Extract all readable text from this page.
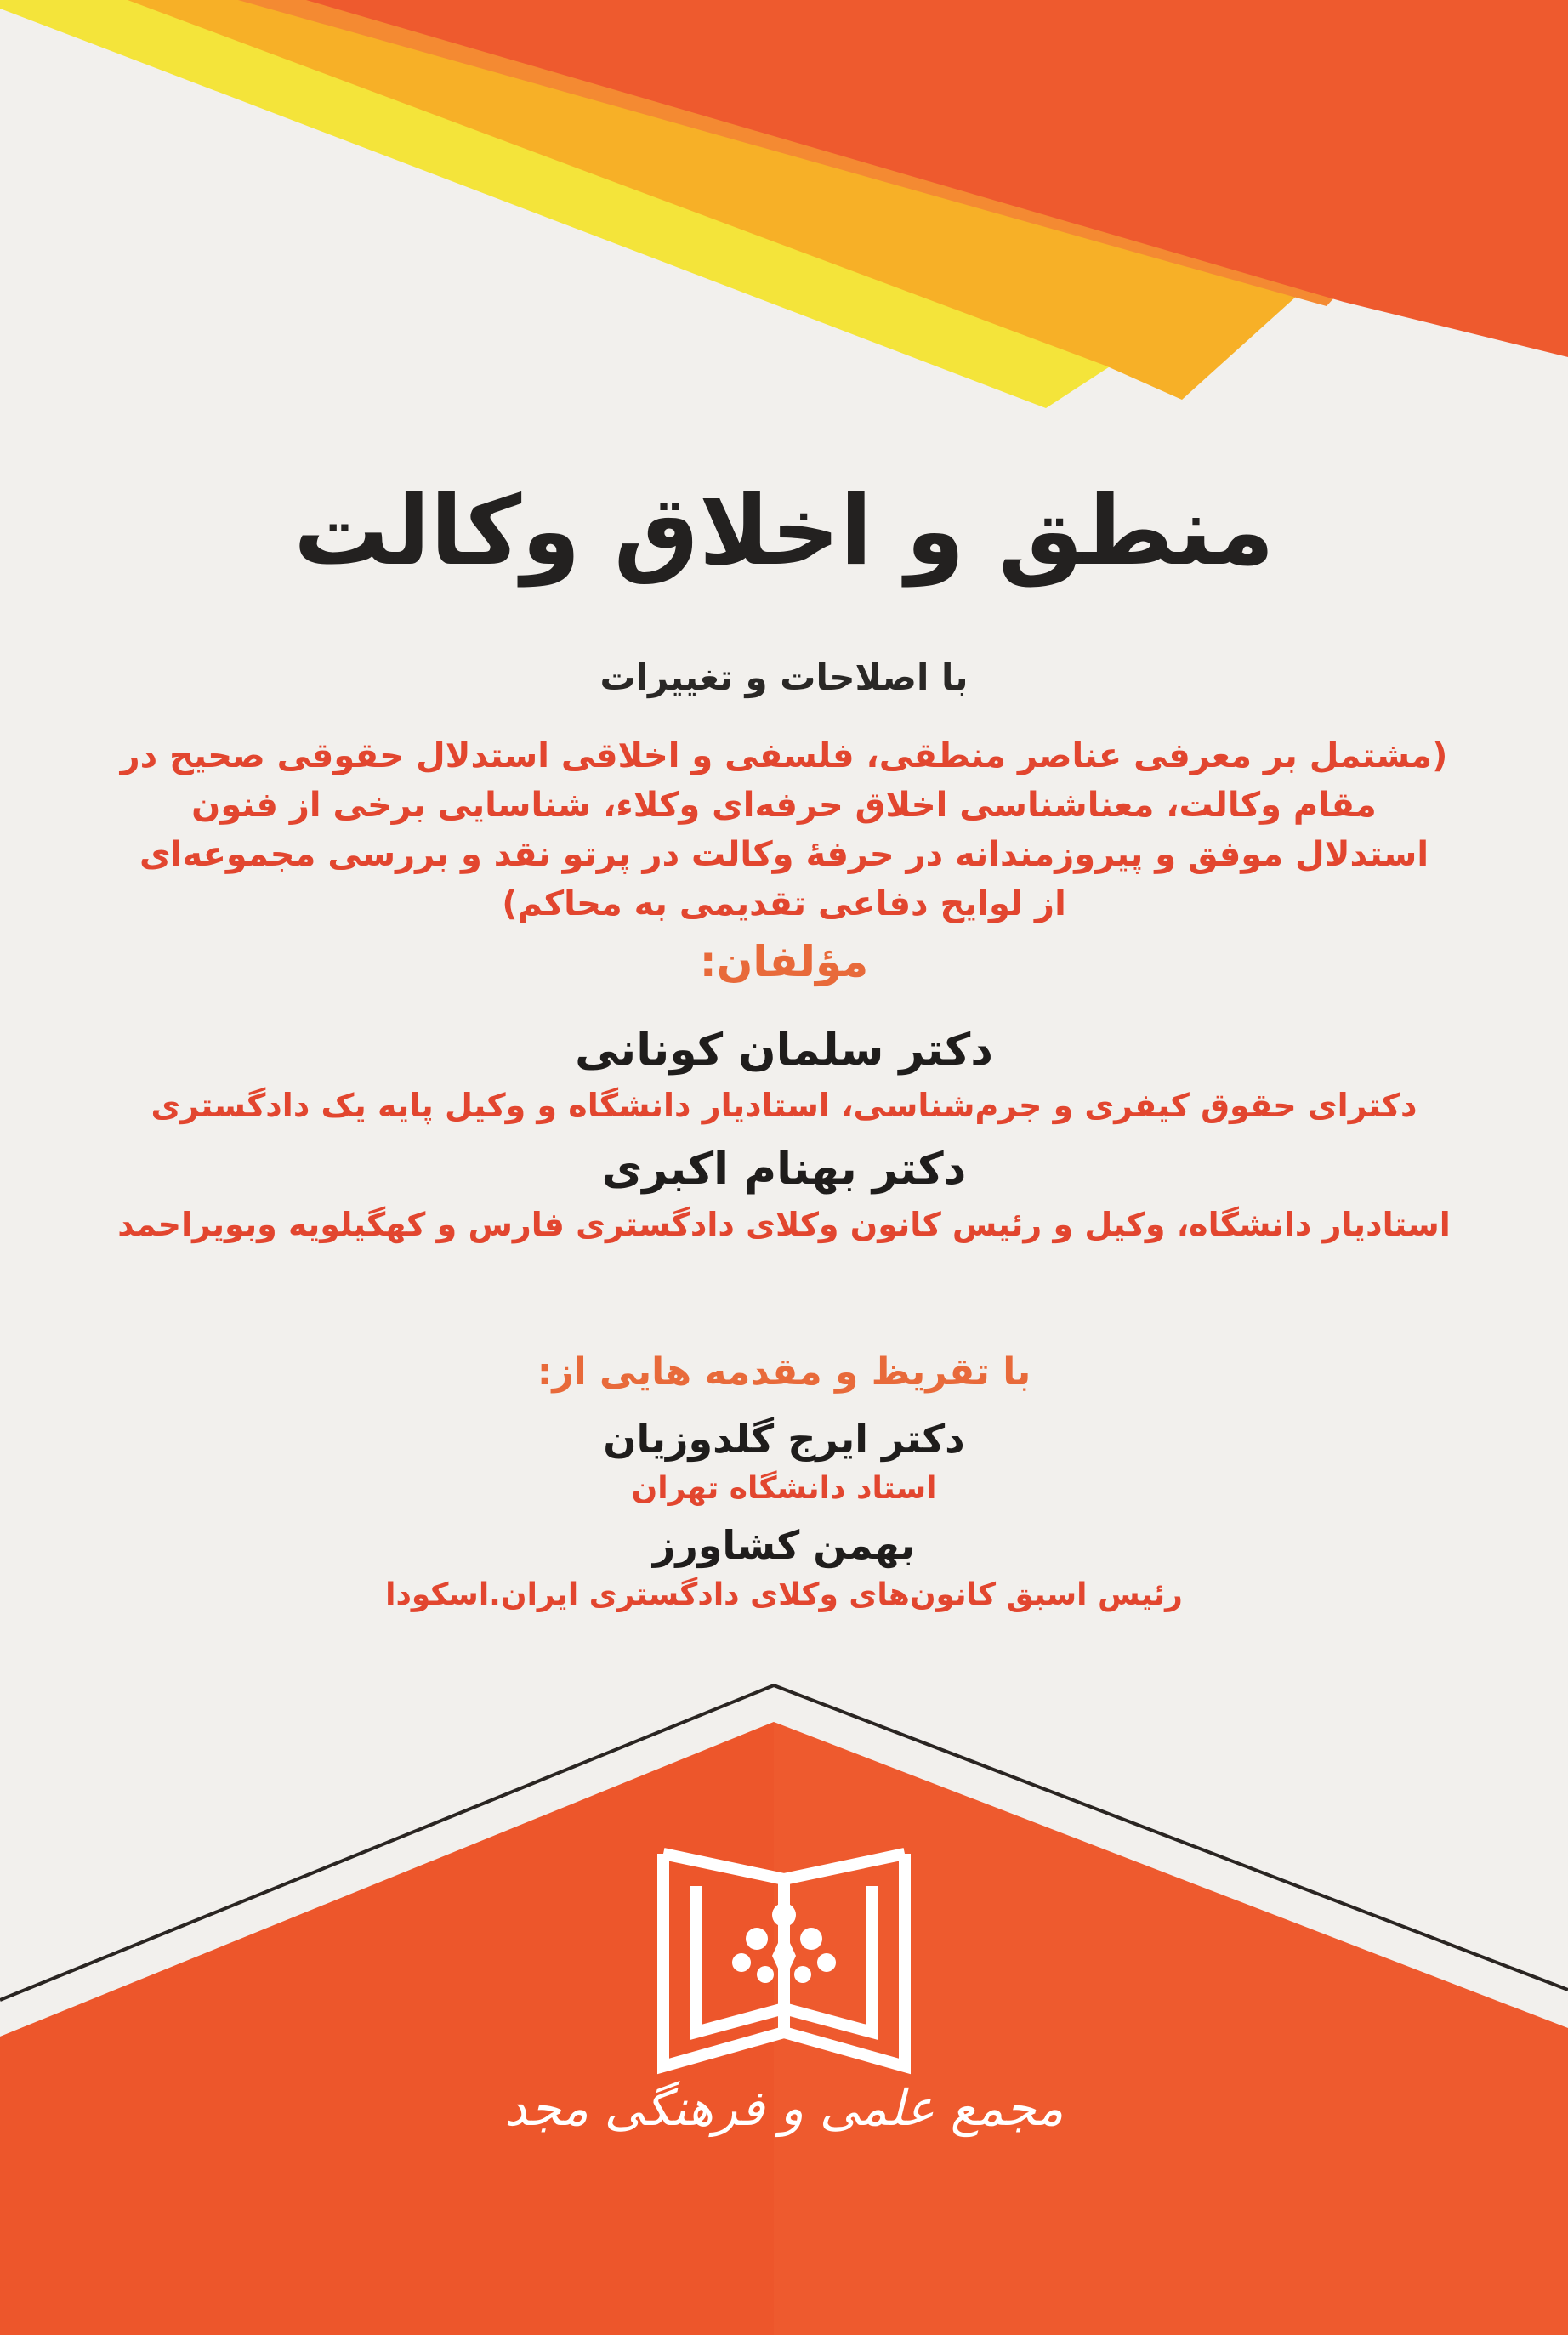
منطق و اخلاق وکالت
با اصلاحات و تغییرات
(مشتمل بر معرفی عناصر منطقی، فلسفی و اخلاقی استدلال حقوقی صحیح در مقام وکالت، معناشناسی اخلاق حرفه‌ای وکلاء، شناسایی برخی از فنون استدلال موفق و پیروزمندانه در حرفهٔ وکالت در پرتو نقد و بررسی مجموعه‌ای از لوایح دفاعی تقدیمی به محاکم)
مؤلفان:
دکتر سلمان کونانی
دکترای حقوق کیفری و جرم‌شناسی، استادیار دانشگاه و وکیل پایه یک دادگستری
دکتر بهنام اکبری
استادیار دانشگاه، وکیل و رئیس کانون وکلای دادگستری فارس و کهگیلویه وبویراحمد
با تقریظ و مقدمه هایی از:
دکتر ایرج گلدوزیان
استاد دانشگاه تهران
بهمن کشاورز
رئیس اسبق کانون‌های وکلای دادگستری ایران.اسکودا
مجمع علمی و فرهنگی مجد
